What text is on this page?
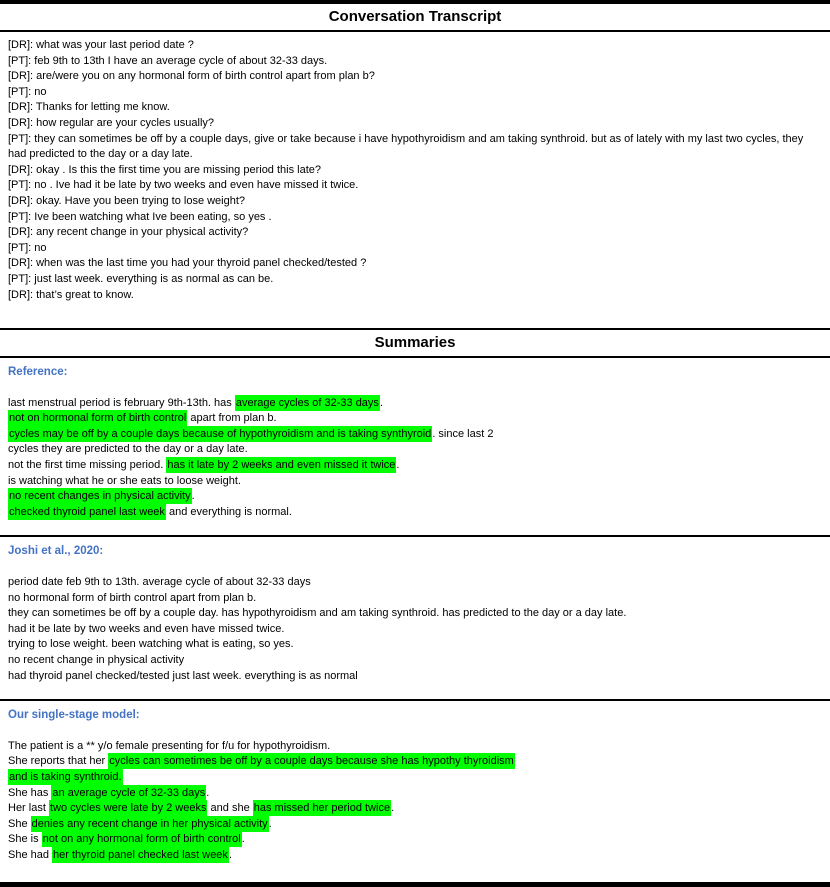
Conversation Transcript
[DR]: what was your last period date ?
[PT]: feb 9th to 13th I have an average cycle of about 32-33 days.
[DR]: are/were you on any hormonal form of birth control apart from plan b?
[PT]: no
[DR]: Thanks for letting me know.
[DR]: how regular are your cycles usually?
[PT]: they can sometimes be off by a couple days, give or take because i have hypothyroidism and am taking synthroid. but as of lately with my last two cycles, they had predicted to the day or a day late.
[DR]: okay . Is this the first time you are missing period this late?
[PT]: no . Ive had it be late by two weeks and even have missed it twice.
[DR]: okay. Have you been trying to lose weight?
[PT]: Ive been watching what Ive been eating, so yes .
[DR]: any recent change in your physical activity?
[PT]: no
[DR]: when was the last time you had your thyroid panel checked/tested ?
[PT]: just last week. everything is as normal as can be.
[DR]: that’s great to know.
Summaries
Reference:
last menstrual period is february 9th-13th. has average cycles of 32-33 days.
not on hormonal form of birth control apart from plan b.
cycles may be off by a couple days because of hypothyroidism and is taking synthyroid. since last 2
cycles they are predicted to the day or a day late.
not the first time missing period. has it late by 2 weeks and even missed it twice.
is watching what he or she eats to loose weight.
no recent changes in physical activity.
checked thyroid panel last week and everything is normal.
Joshi et al., 2020:
period date feb 9th to 13th. average cycle of about 32-33 days
no hormonal form of birth control apart from plan b.
they can sometimes be off by a couple day. has hypothyroidism and am taking synthroid. has predicted to the day or a day late.
had it be late by two weeks and even have missed twice.
trying to lose weight. been watching what is eating, so yes.
no recent change in physical activity
had thyroid panel checked/tested just last week. everything is as normal
Our single-stage model:
The patient is a ** y/o female presenting for f/u for hypothyroidism.
She reports that her cycles can sometimes be off by a couple days because she has hypothy thyroidism
and is taking synthroid.
She has an average cycle of 32-33 days.
Her last two cycles were late by 2 weeks and she has missed her period twice.
She denies any recent change in her physical activity.
She is not on any hormonal form of birth control.
She had her thyroid panel checked last week.
